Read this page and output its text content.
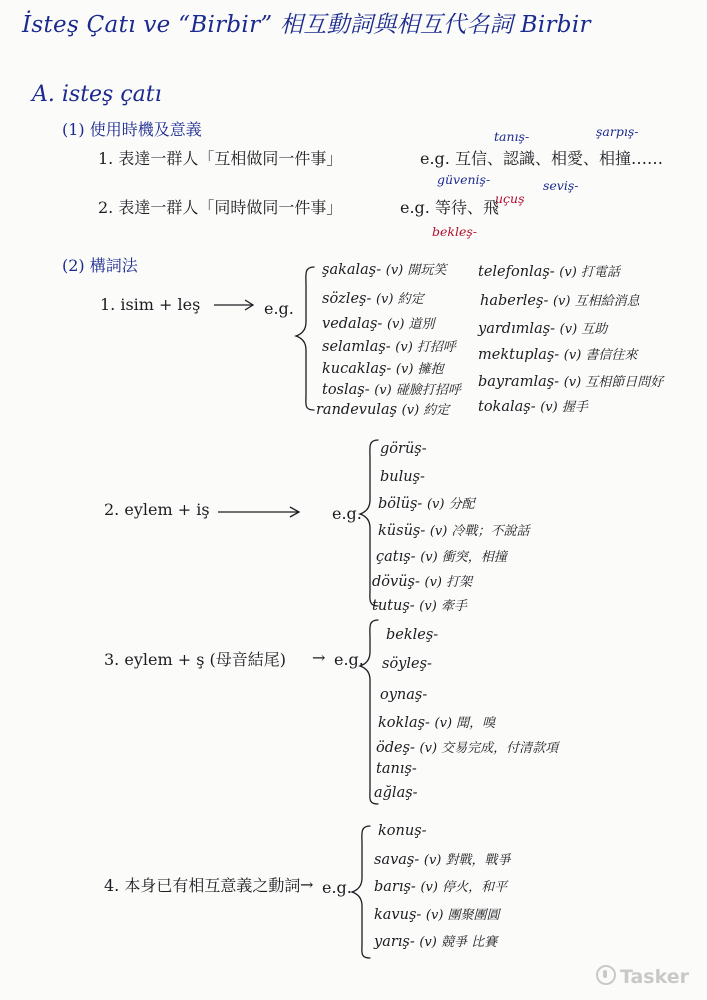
İsteş Çatı ve “Birbir” 相互動詞與相互代名詞 Birbir
A. isteş çatı
(1) 使用時機及意義	tanış-	şarpış-
1. 表達一群人「互相做同一件事」	e.g. 互信、認識、相愛、相撞……
güveniş-	seviş-
uçuş
2. 表達一群人「同時做同一件事」	e.g. 等待、飛
bekleş-
(2) 構詞法
1. isim + leş	e.g.
şakalaş- (v) 開玩笑
sözleş- (v) 約定
vedalaş- (v) 道別
selamlaş- (v) 打招呼
kucaklaş- (v) 擁抱
toslaş- (v) 碰臉打招呼
randevulaş (v) 約定
telefonlaş- (v) 打電話
haberleş- (v) 互相給消息
yardımlaş- (v) 互助
mektuplaş- (v) 書信往來
bayramlaş- (v) 互相節日問好
tokalaş- (v) 握手
2. eylem + iş	e.g.
görüş-
buluş-
bölüş- (v) 分配
küsüş- (v) 冷戰；不說話
çatış- (v) 衝突，相撞
dövüş- (v) 打架
tutuş- (v) 牽手
3. eylem + ş (母音結尾) → e.g.
bekleş-
söyleş-
oynaş-
koklaş- (v) 聞，嗅
ödeş- (v) 交易完成，付清款項
tanış-
ağlaş-
4. 本身已有相互意義之動詞 → e.g.
konuş-
savaş- (v) 對戰，戰爭
barış- (v) 停火，和平
kavuş- (v) 團聚團圓
yarış- (v) 競爭 比賽
Tasker
